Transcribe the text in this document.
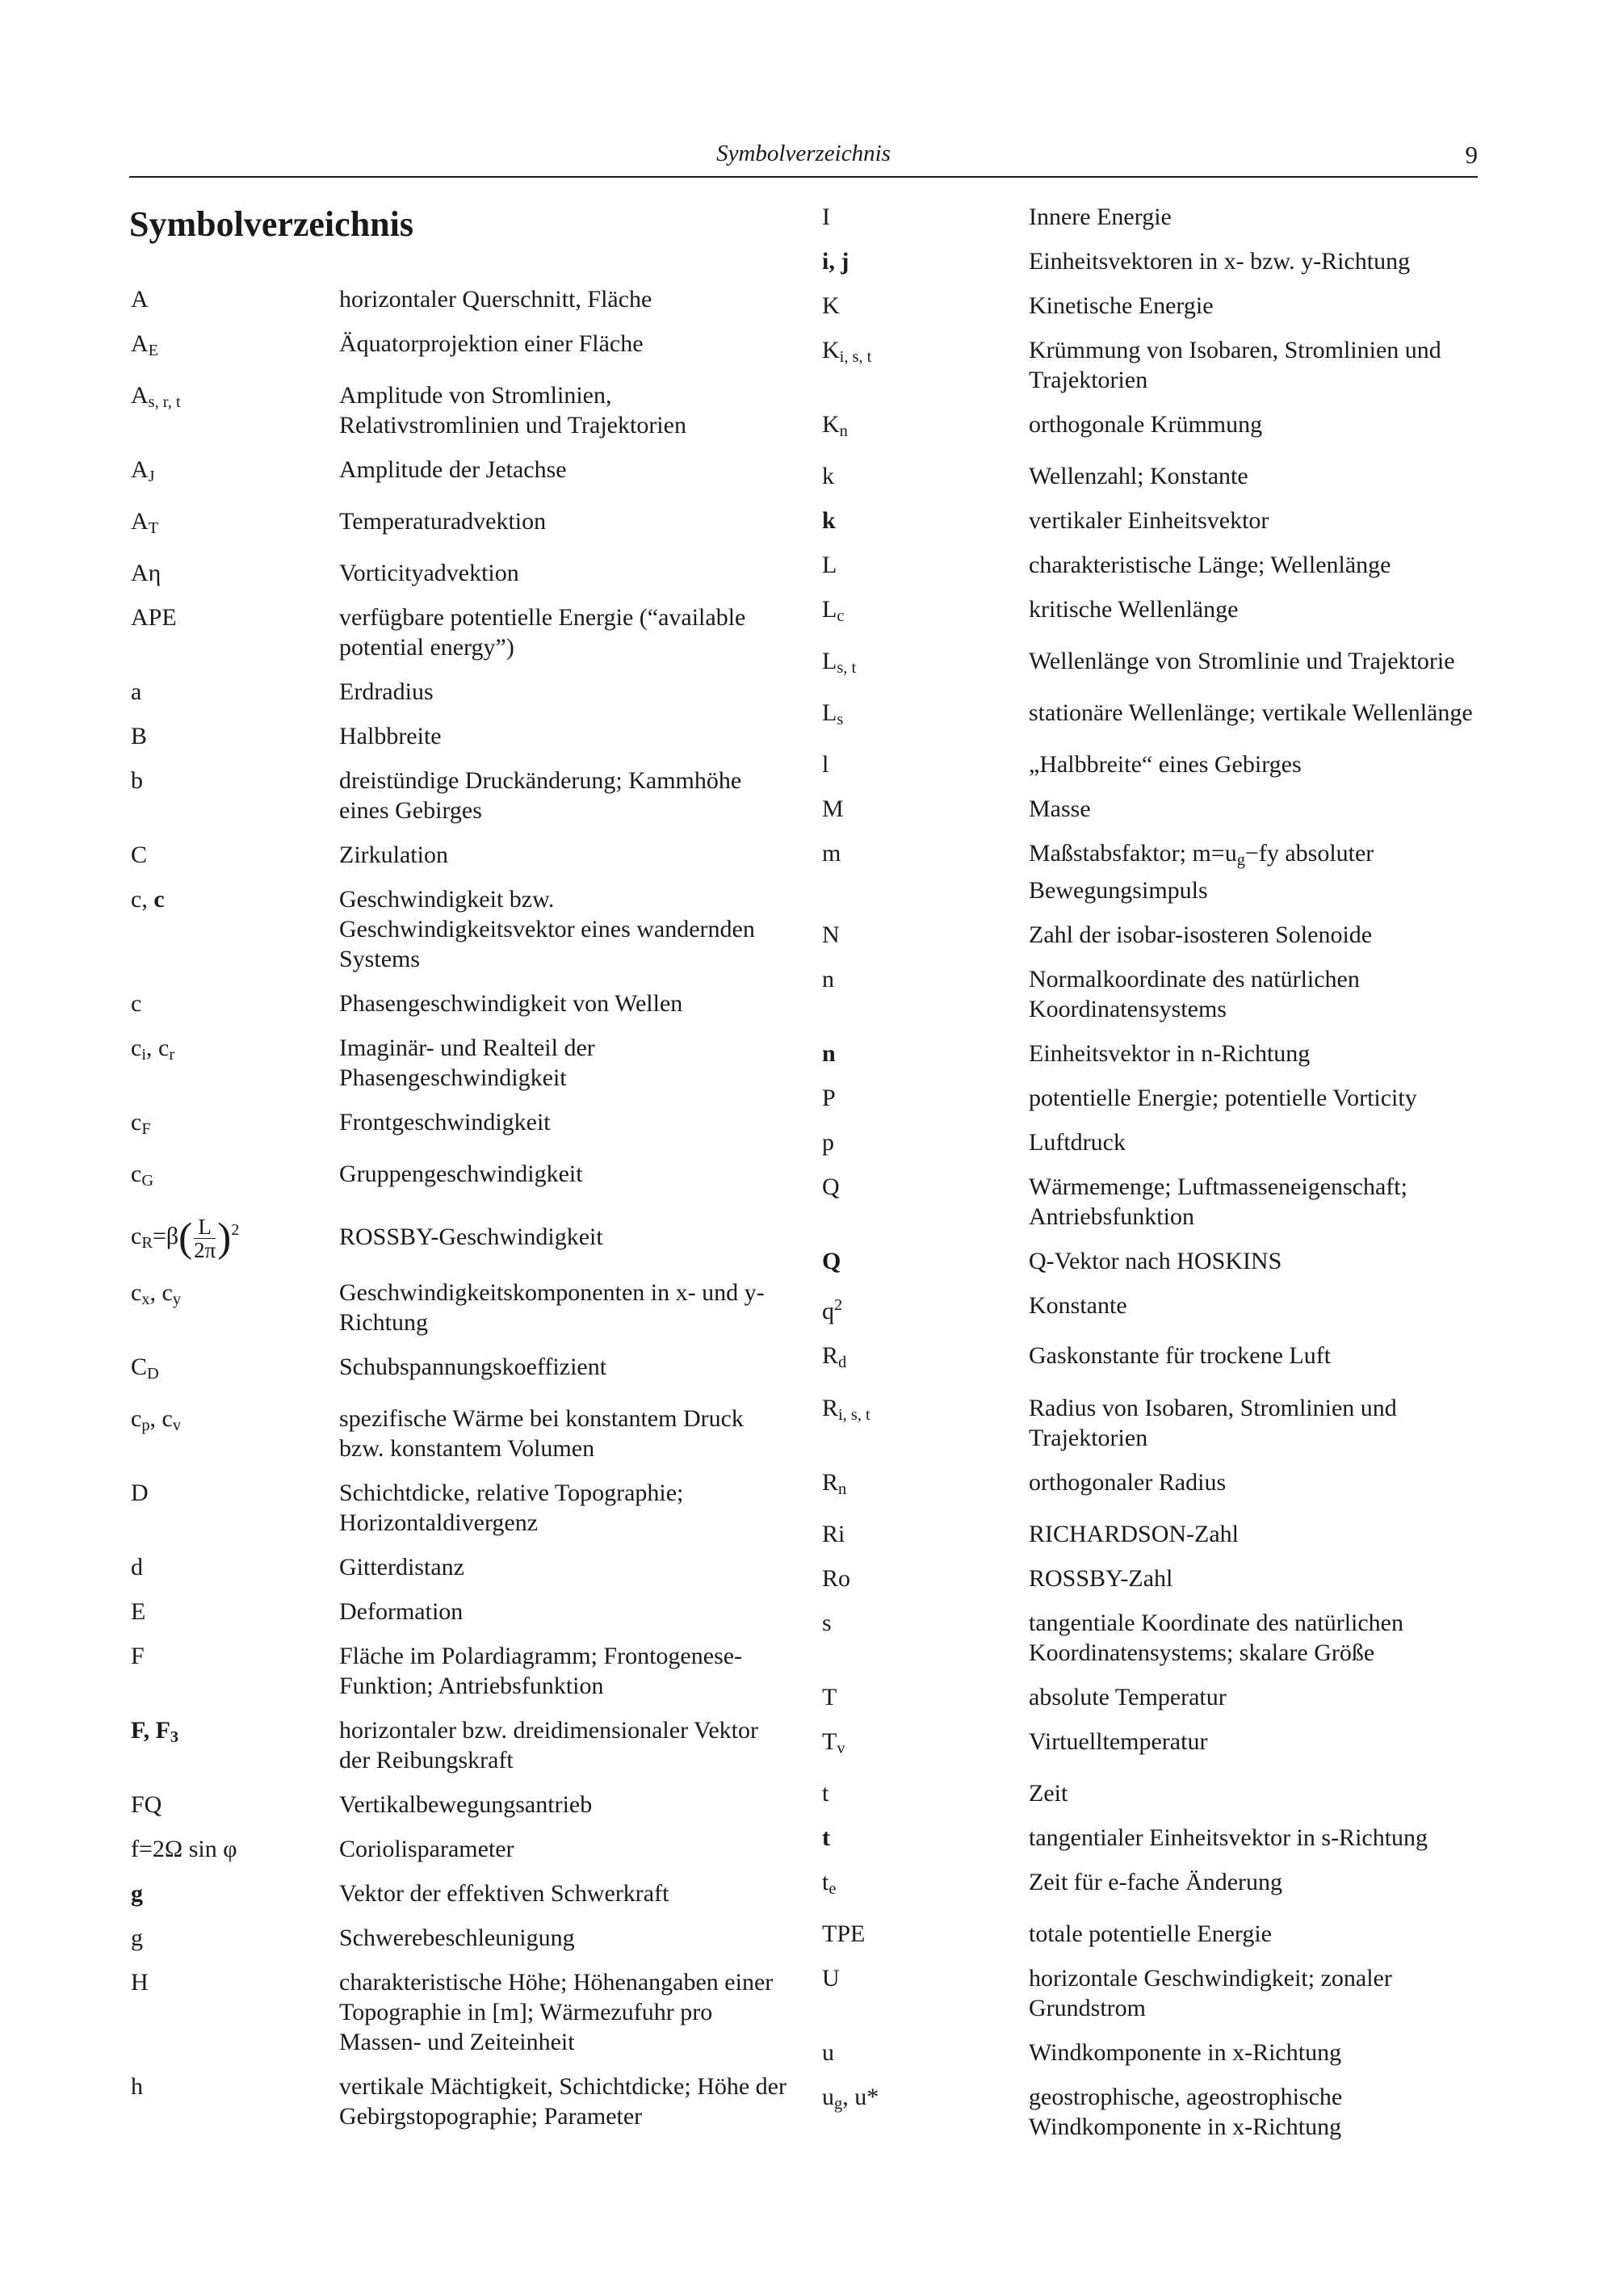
Symbolverzeichnis	9
Symbolverzeichnis
A	horizontaler Querschnitt, Fläche
$A_E$	Äquatorprojektion einer Fläche
$A_{s, r, t}$	Amplitude von Stromlinien, Relativstromlinien und Trajektorien
$A_J$	Amplitude der Jetachse
$A_T$	Temperaturadvektion
Aη	Vorticityadvektion
APE	verfügbare potentielle Energie (“available potential energy”)
a	Erdradius
B	Halbbreite
b	dreistündige Druckänderung; Kammhöhe eines Gebirges
C	Zirkulation
c, c	Geschwindigkeit bzw. Geschwindigkeitsvektor eines wandernden Systems
c	Phasengeschwindigkeit von Wellen
$c_i$, $c_r$	Imaginär- und Realteil der Phasengeschwindigkeit
$c_F$	Frontgeschwindigkeit
$c_G$	Gruppengeschwindigkeit
$c_R=\beta( \frac{L}{2\pi} )^2$	ROSSBY-Geschwindigkeit
$c_x$, $c_y$	Geschwindigkeitskomponenten in x- und y-Richtung
$C_D$	Schubspannungskoeffizient
$c_p$, $c_v$	spezifische Wärme bei konstantem Druck bzw. konstantem Volumen
D	Schichtdicke, relative Topographie; Horizontaldivergenz
d	Gitterdistanz
E	Deformation
F	Fläche im Polardiagramm; Frontogenese-Funktion; Antriebsfunktion
F, $F_3$	horizontaler bzw. dreidimensionaler Vektor der Reibungskraft
FQ	Vertikalbewegungsantrieb
f=2Ω sin φ	Coriolisparameter
g	Vektor der effektiven Schwerkraft
g	Schwerebeschleunigung
H	charakteristische Höhe; Höhenangaben einer Topographie in [m]; Wärmezufuhr pro Massen- und Zeiteinheit
h	vertikale Mächtigkeit, Schichtdicke; Höhe der Gebirgstopographie; Parameter
I	Innere Energie
i, j	Einheitsvektoren in x- bzw. y-Richtung
K	Kinetische Energie
$K_{i, s, t}$	Krümmung von Isobaren, Stromlinien und Trajektorien
$K_n$	orthogonale Krümmung
k	Wellenzahl; Konstante
k	vertikaler Einheitsvektor
L	charakteristische Länge; Wellenlänge
$L_c$	kritische Wellenlänge
$L_{s, t}$	Wellenlänge von Stromlinie und Trajektorie
$L_s$	stationäre Wellenlänge; vertikale Wellenlänge
l	„Halbbreite“ eines Gebirges
M	Masse
m	Maßstabsfaktor; $m=u_g-fy$ absoluter Bewegungsimpuls
N	Zahl der isobar-isosteren Solenoide
n	Normalkoordinate des natürlichen Koordinatensystems
n	Einheitsvektor in n-Richtung
P	potentielle Energie; potentielle Vorticity
p	Luftdruck
Q	Wärmemenge; Luftmasseneigenschaft; Antriebsfunktion
Q	Q-Vektor nach HOSKINS
$q^2$	Konstante
$R_d$	Gaskonstante für trockene Luft
$R_{i, s, t}$	Radius von Isobaren, Stromlinien und Trajektorien
$R_n$	orthogonaler Radius
Ri	RICHARDSON-Zahl
Ro	ROSSBY-Zahl
s	tangentiale Koordinate des natürlichen Koordinatensystems; skalare Größe
T	absolute Temperatur
$T_v$	Virtuelltemperatur
t	Zeit
t	tangentialer Einheitsvektor in s-Richtung
$t_e$	Zeit für e-fache Änderung
TPE	totale potentielle Energie
U	horizontale Geschwindigkeit; zonaler Grundstrom
u	Windkomponente in x-Richtung
$u_g$, u*	geostrophische, ageostrophische Windkomponente in x-Richtung
